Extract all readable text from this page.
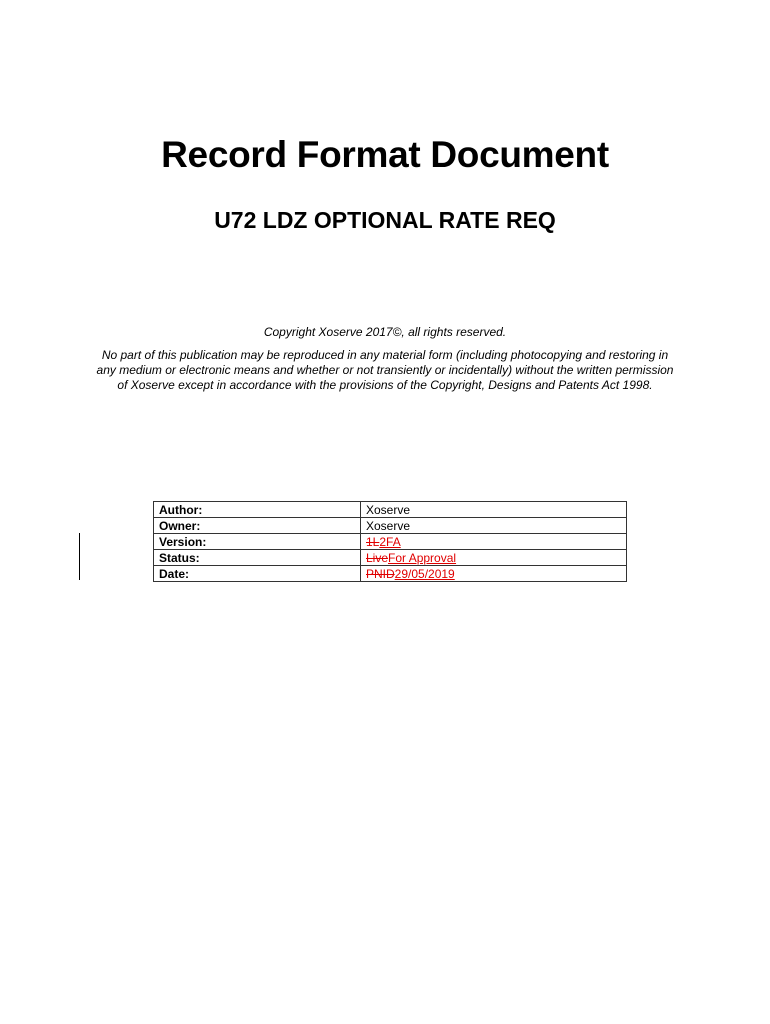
Record Format Document
U72 LDZ OPTIONAL RATE REQ
Copyright Xoserve 2017©, all rights reserved.
No part of this publication may be reproduced in any material form (including photocopying and restoring in any medium or electronic means and whether or not transiently or incidentally) without the written permission of Xoserve except in accordance with the provisions of the Copyright, Designs and Patents Act 1998.
Author:	Xoserve
Owner:	Xoserve
Version:	1L2FA
Status:	LiveFor Approval
Date:	PNID29/05/2019
